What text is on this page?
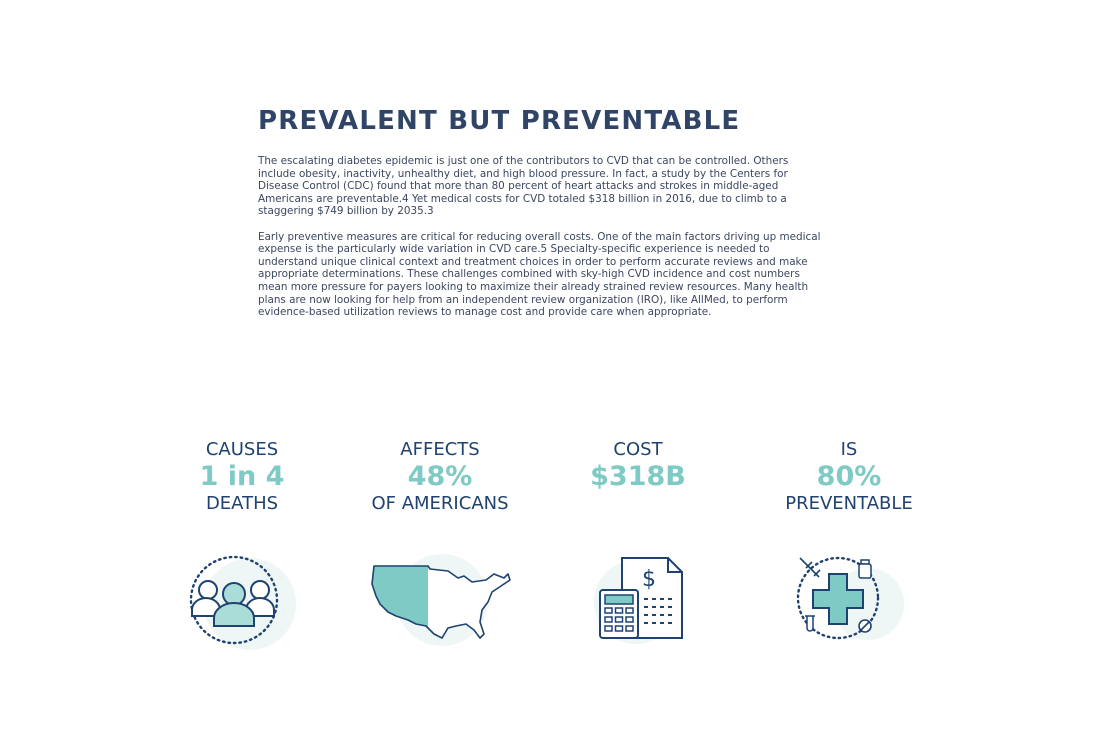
PREVALENT BUT PREVENTABLE

The escalating diabetes epidemic is just one of the contributors to CVD that can be controlled. Others include obesity, inactivity, unhealthy diet, and high blood pressure. In fact, a study by the Centers for Disease Control (CDC) found that more than 80 percent of heart attacks and strokes in middle-aged Americans are preventable.4 Yet medical costs for CVD totaled $318 billion in 2016, due to climb to a staggering $749 billion by 2035.3

Early preventive measures are critical for reducing overall costs. One of the main factors driving up medical expense is the particularly wide variation in CVD care.5 Specialty-specific experience is needed to understand unique clinical context and treatment choices in order to perform accurate reviews and make appropriate determinations. These challenges combined with sky-high CVD incidence and cost numbers mean more pressure for payers looking to maximize their already strained review resources. Many health plans are now looking for help from an independent review organization (IRO), like AllMed, to perform evidence-based utilization reviews to manage cost and provide care when appropriate.

CAUSES
1 in 4
DEATHS
AFFECTS
48%
OF AMERICANS
COST
$318B
IS
80%
PREVENTABLE
$
